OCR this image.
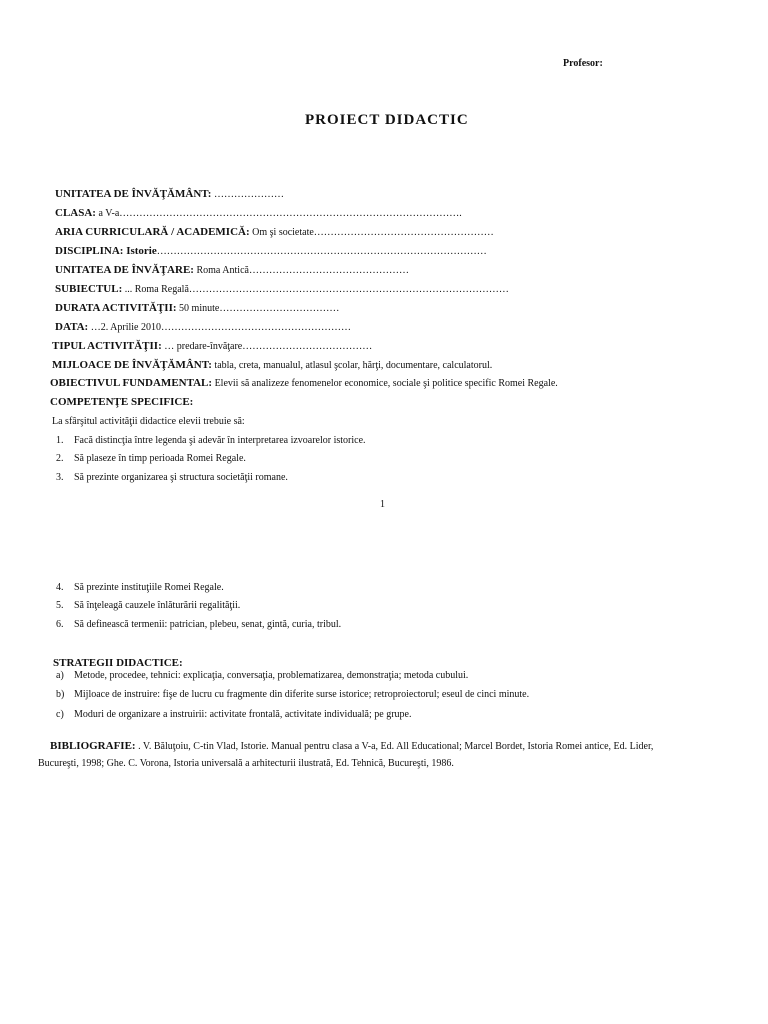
Profesor:
PROIECT DIDACTIC
UNITATEA DE ÎNVĂŢĂMÂNT: …………………
CLASA: a V-a………………………………………………………………………………………….
ARIA CURRICULARĂ / ACADEMICĂ: Om şi societate………………………………………………
DISCIPLINA: Istorie………………………………………………………………………………………
UNITATEA DE ÎNVĂŢARE: Roma Antică…………………………………………
SUBIECTUL: ... Roma Regală……………………………………………………………………………………
DURATA ACTIVITĂŢII: 50 minute………………………………
DATA: …2. Aprilie 2010…………………………………………………
TIPUL ACTIVITĂŢII: … predare-învăţare…………………………………
MIJLOACE DE ÎNVĂŢĂMÂNT: tabla, creta, manualul, atlasul şcolar, hărţi, documentare, calculatorul.
OBIECTIVUL FUNDAMENTAL: Elevii să analizeze fenomenelor economice, sociale şi politice specific Romei Regale.
COMPETENŢE SPECIFICE:
La sfârşitul activităţii didactice elevii trebuie să:
1. Facă distincţia între legenda şi adevăr în interpretarea izvoarelor istorice.
2. Să plaseze în timp perioada Romei Regale.
3. Să prezinte organizarea şi structura societăţii romane.
1
4. Să prezinte instituţiile Romei Regale.
5. Să înţeleagă cauzele înlăturării regalităţii.
6. Să definească termenii: patrician, plebeu, senat, gintă, curia, tribul.
STRATEGII DIDACTICE:
a) Metode, procedee, tehnici: explicaţia, conversaţia, problematizarea, demonstraţia; metoda cubului.
b) Mijloace de instruire: fişe de lucru cu fragmente din diferite surse istorice; retroproiectorul; eseul de cinci minute.
c) Moduri de organizare a instruirii: activitate frontală, activitate individuală; pe grupe.
BIBLIOGRAFIE: . V. Băluţoiu, C-tin Vlad, Istorie. Manual pentru clasa a V-a, Ed. All Educational; Marcel Bordet, Istoria Romei antice, Ed. Lider,
Bucureşti, 1998; Ghe. C. Vorona, Istoria universală a arhitecturii ilustrată, Ed. Tehnică, Bucureşti, 1986.
